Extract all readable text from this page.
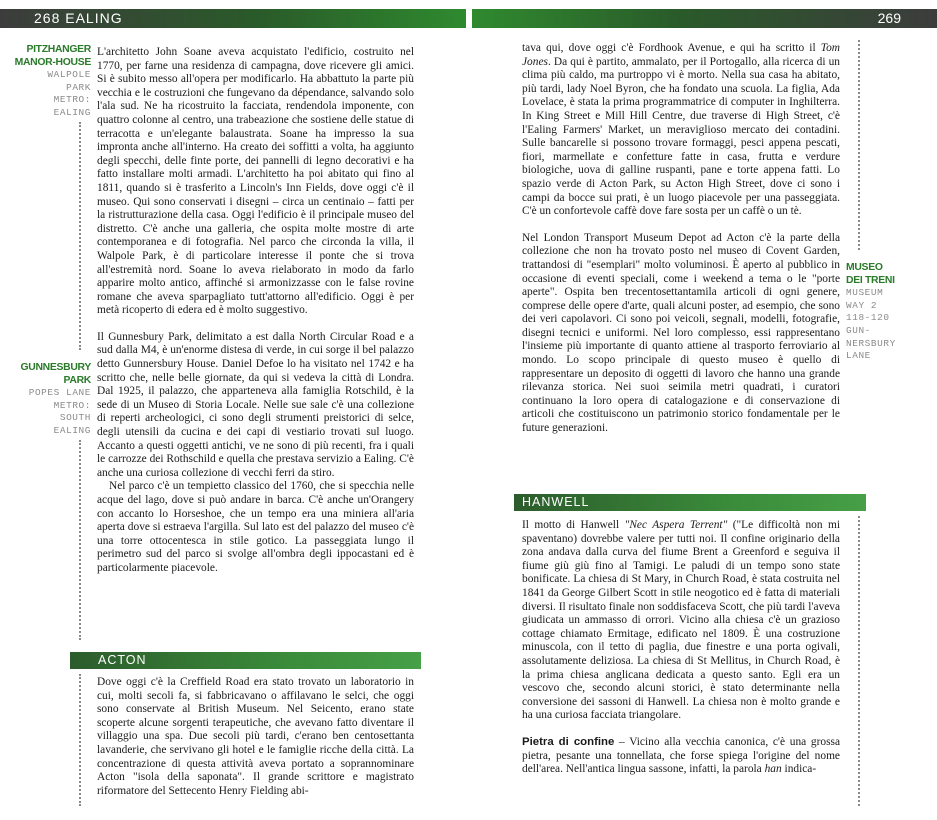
268 EALING	269
PITZHANGER
MANOR-HOUSE
WALPOLE
PARK
METRO:
EALING
GUNNESBURY
PARK
POPES LANE
METRO:
SOUTH
EALING

L'architetto John Soane aveva acquistato l'edificio, costruito nel 1770, per farne una residenza di campagna, dove ricevere gli amici. Si è subito messo all'opera per modificarlo. Ha abbattuto la parte più vecchia e le costruzioni che fungevano da dépendance, salvando solo l'ala sud. Ne ha ricostruito la facciata, rendendola imponente, con quattro colonne al centro, una trabeazione che sostiene delle statue di terracotta e un'elegante balaustrata. Soane ha impresso la sua impronta anche all'interno. Ha creato dei soffitti a volta, ha aggiunto degli specchi, delle finte porte, dei pannelli di legno decorativi e ha fatto installare molti armadi. L'architetto ha poi abitato qui fino al 1811, quando si è trasferito a Lincoln's Inn Fields, dove oggi c'è il museo. Qui sono conservati i disegni – circa un centinaio – fatti per la ristrutturazione della casa. Oggi l'edificio è il principale museo del distretto. C'è anche una galleria, che ospita molte mostre di arte contemporanea e di fotografia. Nel parco che circonda la villa, il Walpole Park, è di particolare interesse il ponte che si trova all'estremità nord. Soane lo aveva rielaborato in modo da farlo apparire molto antico, affinché si armonizzasse con le false rovine romane che aveva sparpagliato tutt'attorno all'edificio. Oggi è per metà ricoperto di edera ed è molto suggestivo.

Il Gunnesbury Park, delimitato a est dalla North Circular Road e a sud dalla M4, è un'enorme distesa di verde, in cui sorge il bel palazzo detto Gunnersbury House. Daniel Defoe lo ha visitato nel 1742 e ha scritto che, nelle belle giornate, da qui si vedeva la città di Londra. Dal 1925, il palazzo, che apparteneva alla famiglia Rotschild, è la sede di un Museo di Storia Locale. Nelle sue sale c'è una collezione di reperti archeologici, ci sono degli strumenti preistorici di selce, degli utensili da cucina e dei capi di vestiario trovati sul luogo. Accanto a questi oggetti antichi, ve ne sono di più recenti, fra i quali le carrozze dei Rothschild e quella che prestava servizio a Ealing. C'è anche una curiosa collezione di vecchi ferri da stiro.

Nel parco c'è un tempietto classico del 1760, che si specchia nelle acque del lago, dove si può andare in barca. C'è anche un'Orangery con accanto lo Horseshoe, che un tempo era una miniera all'aria aperta dove si estraeva l'argilla. Sul lato est del palazzo del museo c'è una torre ottocentesca in stile gotico. La passeggiata lungo il perimetro sud del parco si svolge all'ombra degli ippocastani ed è particolarmente piacevole.

ACTON

Dove oggi c'è la Creffield Road era stato trovato un laboratorio in cui, molti secoli fa, si fabbricavano o affilavano le selci, che oggi sono conservate al British Museum. Nel Seicento, erano state scoperte alcune sorgenti terapeutiche, che avevano fatto diventare il villaggio una spa. Due secoli più tardi, c'erano ben centosettanta lavanderie, che servivano gli hotel e le famiglie ricche della città. La concentrazione di questa attività aveva portato a soprannominare Acton "isola della saponata". Il grande scrittore e magistrato riformatore del Settecento Henry Fielding abi-

tava qui, dove oggi c'è Fordhook Avenue, e qui ha scritto il Tom Jones. Da qui è partito, ammalato, per il Portogallo, alla ricerca di un clima più caldo, ma purtroppo vi è morto. Nella sua casa ha abitato, più tardi, lady Noel Byron, che ha fondato una scuola. La figlia, Ada Lovelace, è stata la prima programmatrice di computer in Inghilterra. In King Street e Mill Hill Centre, due traverse di High Street, c'è l'Ealing Farmers' Market, un meraviglioso mercato dei contadini. Sulle bancarelle si possono trovare formaggi, pesci appena pescati, fiori, marmellate e confetture fatte in casa, frutta e verdure biologiche, uova di galline ruspanti, pane e torte appena fatti. Lo spazio verde di Acton Park, su Acton High Street, dove ci sono i campi da bocce sui prati, è un luogo piacevole per una passeggiata. C'è un confortevole caffè dove fare sosta per un caffè o un tè.

Nel London Transport Museum Depot ad Acton c'è la parte della collezione che non ha trovato posto nel museo di Covent Garden, trattandosi di "esemplari" molto voluminosi. È aperto al pubblico in occasione di eventi speciali, come i weekend a tema o le "porte aperte". Ospita ben trecentosettantamila articoli di ogni genere, comprese delle opere d'arte, quali alcuni poster, ad esempio, che sono dei veri capolavori. Ci sono poi veicoli, segnali, modelli, fotografie, disegni tecnici e uniformi. Nel loro complesso, essi rappresentano l'insieme più importante di quanto attiene al trasporto ferroviario al mondo. Lo scopo principale di questo museo è quello di rappresentare un deposito di oggetti di lavoro che hanno una grande rilevanza storica. Nei suoi seimila metri quadrati, i curatori continuano la loro opera di catalogazione e di conservazione di articoli che costituiscono un patrimonio storico fondamentale per le future generazioni.

MUSEO
DEI TRENI
MUSEUM
WAY 2
118-120
GUN-
NERSBURY
LANE
HANWELL

Il motto di Hanwell "Nec Aspera Terrent" ("Le difficoltà non mi spaventano) dovrebbe valere per tutti noi. Il confine originario della zona andava dalla curva del fiume Brent a Greenford e seguiva il fiume giù giù fino al Tamigi. Le paludi di un tempo sono state bonificate. La chiesa di St Mary, in Church Road, è stata costruita nel 1841 da George Gilbert Scott in stile neogotico ed è fatta di materiali diversi. Il risultato finale non soddisfaceva Scott, che più tardi l'aveva giudicata un ammasso di orrori. Vicino alla chiesa c'è un grazioso cottage chiamato Ermitage, edificato nel 1809. È una costruzione minuscola, con il tetto di paglia, due finestre e una porta ogivali, assolutamente deliziosa. La chiesa di St Mellitus, in Church Road, è la prima chiesa anglicana dedicata a questo santo. Egli era un vescovo che, secondo alcuni storici, è stato determinante nella conversione dei sassoni di Hanwell. La chiesa non è molto grande e ha una curiosa facciata triangolare.

Pietra di confine – Vicino alla vecchia canonica, c'è una grossa pietra, pesante una tonnellata, che forse spiega l'origine del nome dell'area. Nell'antica lingua sassone, infatti, la parola han indica-
